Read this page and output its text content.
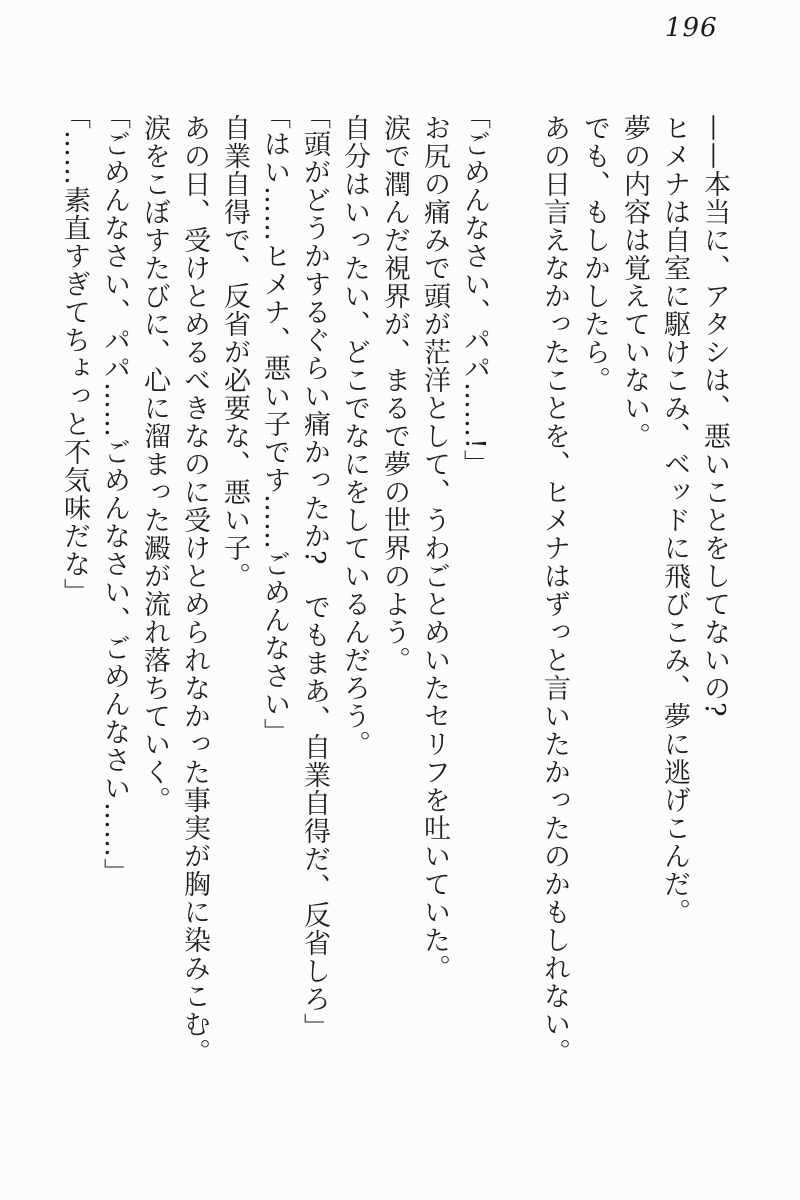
196

——本当に、アタシは、悪いことをしてないの?

ヒメナは自室に駆けこみ、ベッドに飛びこみ、夢に逃げこんだ。

夢の内容は覚えていない。

でも、もしかしたら。

あの日言えなかったことを、ヒメナはずっと言いたかったのかもしれない。

「ごめんなさい、パパ……!」

お尻の痛みで頭が茫洋として、うわごとめいたセリフを吐いていた。

涙で潤んだ視界が、まるで夢の世界のよう。

自分はいったい、どこでなにをしているんだろう。

「頭がどうかするぐらい痛かったか?　でもまあ、自業自得だ、反省しろ」

「はい……ヒメナ、悪い子です……ごめんなさい」

自業自得で、反省が必要な、悪い子。

あの日、受けとめるべきなのに受けとめられなかった事実が胸に染みこむ。

涙をこぼすたびに、心に溜まった澱が流れ落ちていく。

「ごめんなさい、パパ……ごめんなさい、ごめんなさい……」

「……素直すぎてちょっと不気味だな」
